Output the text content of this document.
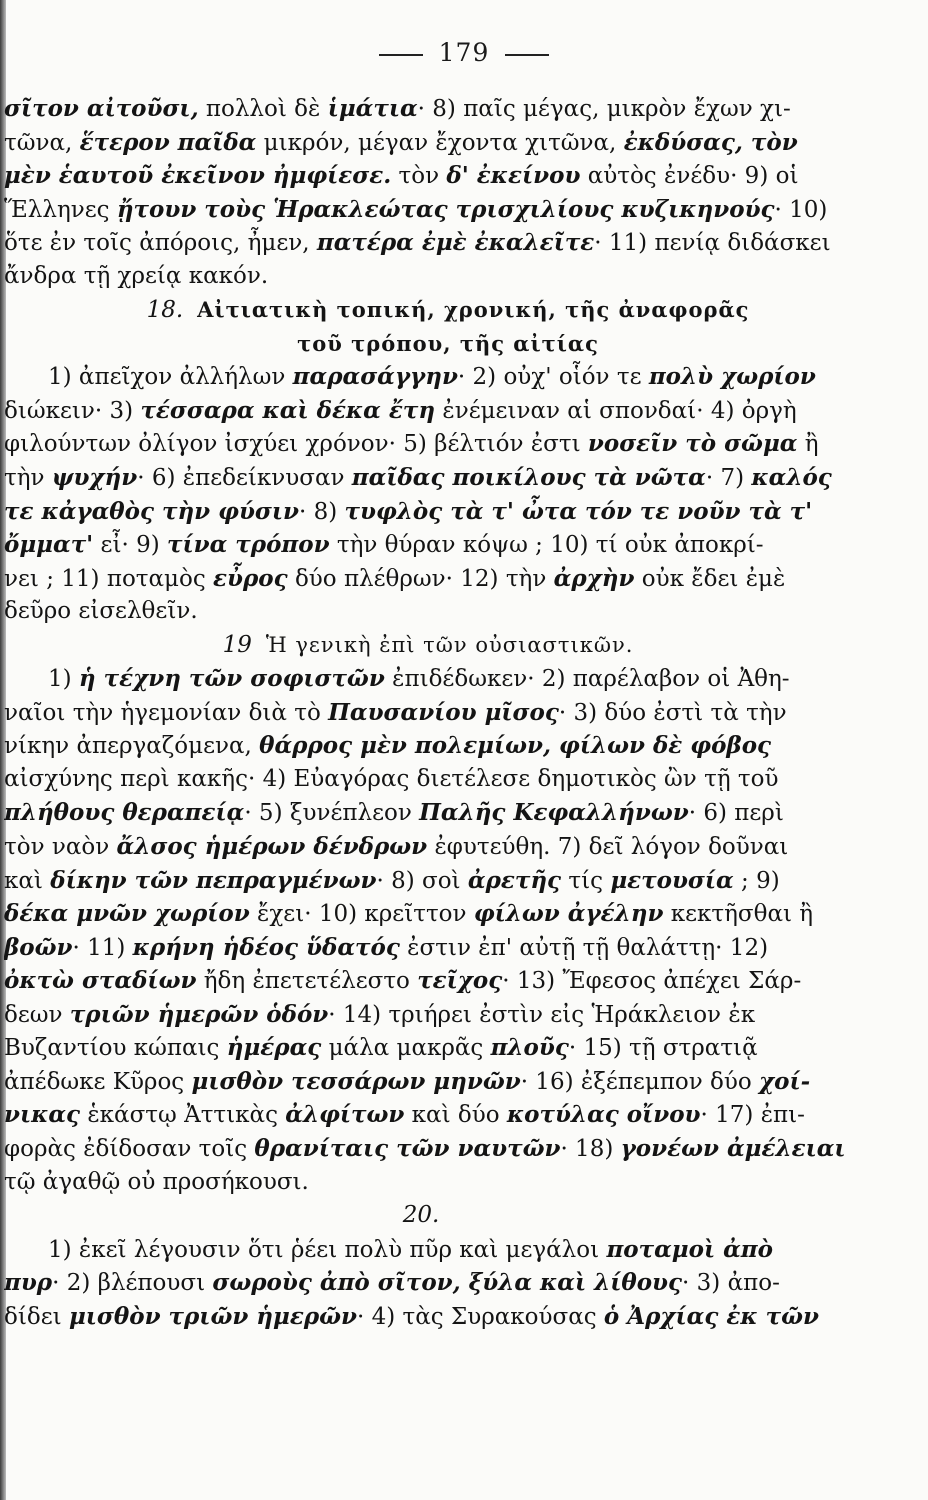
179
σῖτον αἰτοῦσι, πολλοὶ δὲ ἱμάτια· 8) παῖς μέγας, μικρὸν ἔχων χι-
τῶνα, ἕτερον παῖδα μικρόν, μέγαν ἔχοντα χιτῶνα, ἐκδύσας, τὸν
μὲν ἑαυτοῦ ἐκεῖνον ἠμφίεσε. τὸν δ' ἐκείνου αὐτὸς ἐνέδυ· 9) οἱ
Ἕλληνες ᾔτουν τοὺς Ἡρακλεώτας τρισχιλίους κυζικηνούς· 10)
ὅτε ἐν τοῖς ἀπόροις, ἦμεν, πατέρα ἐμὲ ἐκαλεῖτε· 11) πενίᾳ διδάσκει
ἄνδρα τῇ χρείᾳ κακόν.
18. Αἰτιατικὴ τοπική, χρονική, τῆς ἀναφορᾶς
τοῦ τρόπου, τῆς αἰτίας
1) ἀπεῖχον ἀλλήλων παρασάγγην· 2) οὐχ' οἷόν τε πολὺ χωρίον
διώκειν· 3) τέσσαρα καὶ δέκα ἔτη ἐνέμειναν αἱ σπονδαί· 4) ὀργὴ
φιλούντων ὀλίγον ἰσχύει χρόνον· 5) βέλτιόν ἐστι νοσεῖν τὸ σῶμα ἢ
τὴν ψυχήν· 6) ἐπεδείκνυσαν παῖδας ποικίλους τὰ νῶτα· 7) καλός
τε κἀγαθὸς τὴν φύσιν· 8) τυφλὸς τὰ τ' ὦτα τόν τε νοῦν τὰ τ'
ὄμματ' εἶ· 9) τίνα τρόπον τὴν θύραν κόψω ; 10) τί οὐκ ἀποκρί-
νει ; 11) ποταμὸς εὖρος δύο πλέθρων· 12) τὴν ἀρχὴν οὐκ ἔδει ἐμὲ
δεῦρο εἰσελθεῖν.
19 Ἡ γενικὴ ἐπὶ τῶν οὐσιαστικῶν.
1) ἡ τέχνη τῶν σοφιστῶν ἐπιδέδωκεν· 2) παρέλαβον οἱ Ἀθη-
ναῖοι τὴν ἡγεμονίαν διὰ τὸ Παυσανίου μῖσος· 3) δύο ἐστὶ τὰ τὴν
νίκην ἀπεργαζόμενα, θάρρος μὲν πολεμίων, φίλων δὲ φόβος
αἰσχύνης περὶ κακῆς· 4) Εὐαγόρας διετέλεσε δημοτικὸς ὢν τῇ τοῦ
πλήθους θεραπείᾳ· 5) ξυνέπλεον Παλῆς Κεφαλλήνων· 6) περὶ
τὸν ναὸν ἄλσος ἡμέρων δένδρων ἐφυτεύθη. 7) δεῖ λόγον δοῦναι
καὶ δίκην τῶν πεπραγμένων· 8) σοὶ ἀρετῆς τίς μετουσία ; 9)
δέκα μνῶν χωρίον ἔχει· 10) κρεῖττον φίλων ἀγέλην κεκτῆσθαι ἢ
βοῶν· 11) κρήνη ἡδέος ὕδατός ἐστιν ἐπ' αὐτῇ τῇ θαλάττῃ· 12)
ὀκτὼ σταδίων ἤδη ἐπετετέλεστο τεῖχος· 13) Ἔφεσος ἀπέχει Σάρ-
δεων τριῶν ἡμερῶν ὁδόν· 14) τριήρει ἐστὶν εἰς Ἡράκλειον ἐκ
Βυζαντίου κώπαις ἡμέρας μάλα μακρᾶς πλοῦς· 15) τῇ στρατιᾷ
ἀπέδωκε Κῦρος μισθὸν τεσσάρων μηνῶν· 16) ἐξέπεμπον δύο χοί-
νικας ἑκάστῳ Ἀττικὰς ἀλφίτων καὶ δύο κοτύλας οἴνου· 17) ἐπι-
φορὰς ἐδίδοσαν τοῖς θρανίταις τῶν ναυτῶν· 18) γονέων ἀμέλειαι
τῷ ἀγαθῷ οὐ προσήκουσι.
20.
1) ἐκεῖ λέγουσιν ὅτι ῥέει πολὺ πῦρ καὶ μεγάλοι ποταμοὶ ἀπὸ
πυρ· 2) βλέπουσι σωροὺς ἀπὸ σῖτον, ξύλα καὶ λίθους· 3) ἀπο-
δίδει μισθὸν τριῶν ἡμερῶν· 4) τὰς Συρακούσας ὁ Ἀρχίας ἐκ τῶν
